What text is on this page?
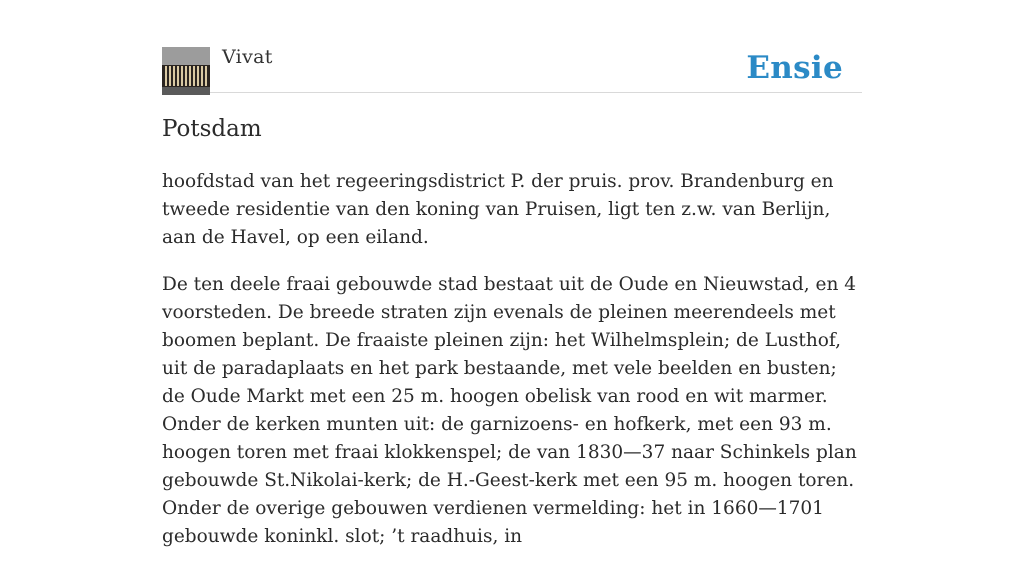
Vivat	Ensie
Potsdam

hoofdstad van het regeeringsdistrict P. der pruis. prov. Brandenburg en tweede residentie van den koning van Pruisen, ligt ten z.w. van Berlijn, aan de Havel, op een eiland.

De ten deele fraai gebouwde stad bestaat uit de Oude en Nieuwstad, en 4 voorsteden. De breede straten zijn evenals de pleinen meerendeels met boomen beplant. De fraaiste pleinen zijn: het Wilhelmsplein; de Lusthof, uit de paradaplaats en het park bestaande, met vele beelden en busten; de Oude Markt met een 25 m. hoogen obelisk van rood en wit marmer. Onder de kerken munten uit: de garnizoens- en hofkerk, met een 93 m. hoogen toren met fraai klokkenspel; de van 1830—37 naar Schinkels plan gebouwde St.Nikolai-kerk; de H.-Geest-kerk met een 95 m. hoogen toren. Onder de overige gebouwen verdienen vermelding: het in 1660—1701 gebouwde koninkl. slot; ’t raadhuis, in
